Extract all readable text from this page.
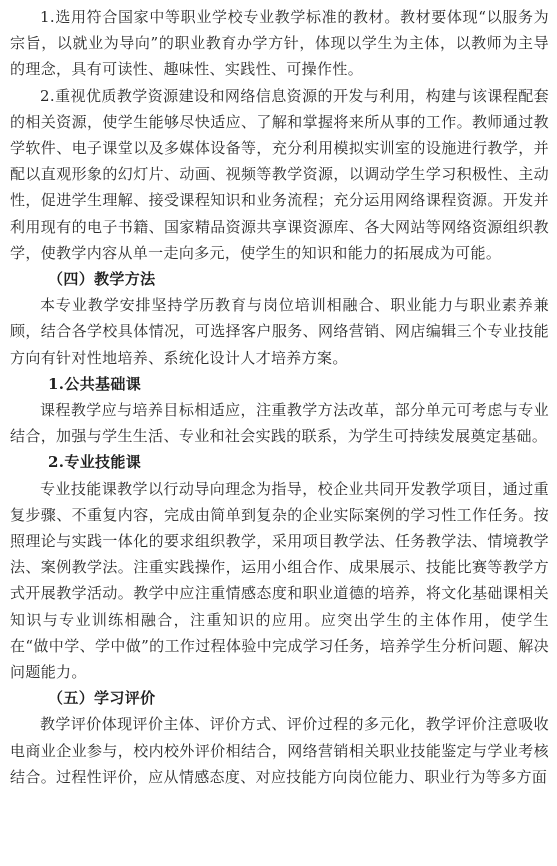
1.选用符合国家中等职业学校专业教学标准的教材。教材要体现“以服务为宗旨，以就业为导向”的职业教育办学方针，体现以学生为主体，以教师为主导的理念，具有可读性、趣味性、实践性、可操作性。

2.重视优质教学资源建设和网络信息资源的开发与利用，构建与该课程配套的相关资源，使学生能够尽快适应、了解和掌握将来所从事的工作。教师通过教学软件、电子课堂以及多媒体设备等，充分利用模拟实训室的设施进行教学，并配以直观形象的幻灯片、动画、视频等教学资源，以调动学生学习积极性、主动性，促进学生理解、接受课程知识和业务流程；充分运用网络课程资源。开发并利用现有的电子书籍、国家精品资源共享课资源库、各大网站等网络资源组织教学，使教学内容从单一走向多元，使学生的知识和能力的拓展成为可能。

（四）教学方法

本专业教学安排坚持学历教育与岗位培训相融合、职业能力与职业素养兼顾，结合各学校具体情况，可选择客户服务、网络营销、网店编辑三个专业技能方向有针对性地培养、系统化设计人才培养方案。

1.公共基础课

课程教学应与培养目标相适应，注重教学方法改革，部分单元可考虑与专业结合，加强与学生生活、专业和社会实践的联系，为学生可持续发展奠定基础。

2.专业技能课

专业技能课教学以行动导向理念为指导，校企业共同开发教学项目，通过重复步骤、不重复内容，完成由简单到复杂的企业实际案例的学习性工作任务。按照理论与实践一体化的要求组织教学，采用项目教学法、任务教学法、情境教学法、案例教学法。注重实践操作，运用小组合作、成果展示、技能比赛等教学方式开展教学活动。教学中应注重情感态度和职业道德的培养，将文化基础课相关知识与专业训练相融合，注重知识的应用。应突出学生的主体作用，使学生在“做中学、学中做”的工作过程体验中完成学习任务，培养学生分析问题、解决问题能力。

（五）学习评价

教学评价体现评价主体、评价方式、评价过程的多元化，教学评价注意吸收电商业企业参与，校内校外评价相结合，网络营销相关职业技能鉴定与学业考核结合。过程性评价，应从情感态度、对应技能方向岗位能力、职业行为等多方面
